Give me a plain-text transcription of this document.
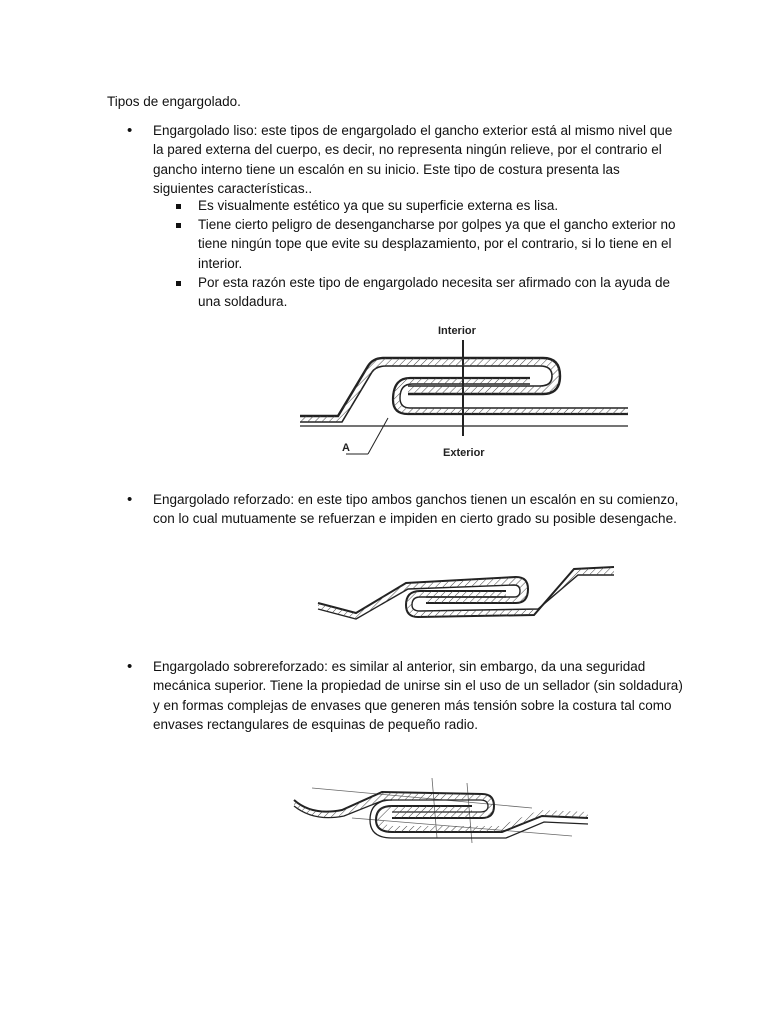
Tipos de engargolado.
• Engargolado liso: este tipos de engargolado el gancho exterior está al mismo nivel que la pared externa del cuerpo, es decir, no representa ningún relieve, por el contrario el gancho interno tiene un escalón en su inicio. Este tipo de costura presenta las siguientes características..
Es visualmente estético ya que su superficie externa es lisa.
Tiene cierto peligro de desengancharse por golpes ya que el gancho exterior no tiene ningún tope que evite su desplazamiento, por el contrario, si lo tiene en el interior.
Por esta razón este tipo de engargolado necesita ser afirmado con la ayuda de una soldadura.
A
Interior
Exterior
• Engargolado reforzado: en este tipo ambos ganchos tienen un escalón en su comienzo, con lo cual mutuamente se refuerzan e impiden en cierto grado su posible desengache.
• Engargolado sobrereforzado: es similar al anterior, sin embargo, da una seguridad mecánica superior. Tiene la propiedad de unirse sin el uso de un sellador (sin soldadura) y en formas complejas de envases que generen más tensión sobre la costura tal como envases rectangulares de esquinas de pequeño radio.
